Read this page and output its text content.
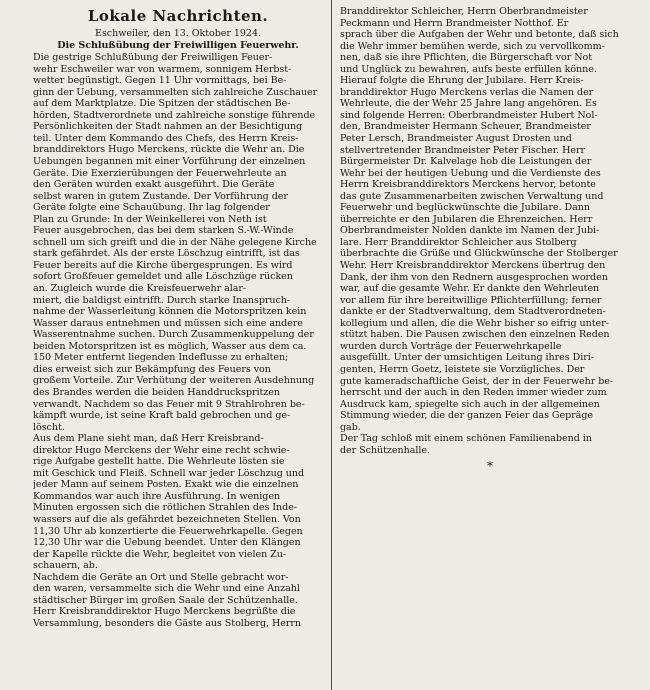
Lokale Nachrichten.
Eschweiler, den 13. Oktober 1924.
Die Schlußübung der Freiwilligen Feuerwehr.
Die gestrige Schlußübung der Freiwilligen Feuer-
wehr Eschweiler war von warmem, sonnigem Herbst-
wetter begünstigt. Gegen 11 Uhr vormittags, bei Be-
ginn der Uebung, versammelten sich zahlreiche Zuschauer
auf dem Marktplatze. Die Spitzen der städtischen Be-
hörden, Stadtverordnete und zahlreiche sonstige führende
Persönlichkeiten der Stadt nahmen an der Besichtigung
teil. Unter dem Kommando des Chefs, des Herrn Kreis-
branddirektors Hugo Merckens, rückte die Wehr an. Die
Uebungen begannen mit einer Vorführung der einzelnen
Geräte. Die Exerzierübungen der Feuerwehrleute an
den Geräten wurden exakt ausgeführt. Die Geräte
selbst waren in gutem Zustande. Der Vorführung der
Geräte folgte eine Schauübung. Ihr lag folgender
Plan zu Grunde: In der Weinkellerei von Neth ist
Feuer ausgebrochen, das bei dem starken S.-W.-Winde
schnell um sich greift und die in der Nähe gelegene Kirche
stark gefährdet. Als der erste Löschzug eintrifft, ist das
Feuer bereits auf die Kirche übergesprungen. Es wird
sofort Großfeuer gemeldet und alle Löschzüge rücken
an. Zugleich wurde die Kreisfeuerwehr alar-
miert, die baldigst eintrifft. Durch starke Inanspruch-
nahme der Wasserleitung können die Motorspritzen kein
Wasser daraus entnehmen und müssen sich eine andere
Wasserentnahme suchen. Durch Zusammenkuppelung der
beiden Motorspritzen ist es möglich, Wasser aus dem ca.
150 Meter entfernt liegenden Indeflusse zu erhalten;
dies erweist sich zur Bekämpfung des Feuers von
großem Vorteile. Zur Verhütung der weiteren Ausdehnung
des Brandes werden die beiden Handdruckspritzen
verwandt. Nachdem so das Feuer mit 9 Strahlrohren be-
kämpft wurde, ist seine Kraft bald gebrochen und ge-
löscht.
Aus dem Plane sieht man, daß Herr Kreisbrand-
direktor Hugo Merckens der Wehr eine recht schwie-
rige Aufgabe gestellt hatte. Die Wehrleute lösten sie
mit Geschick und Fleiß. Schnell war jeder Löschzug und
jeder Mann auf seinem Posten. Exakt wie die einzelnen
Kommandos war auch ihre Ausführung. In wenigen
Minuten ergossen sich die rötlichen Strahlen des Inde-
wassers auf die als gefährdet bezeichneten Stellen. Von
11,30 Uhr ab konzertierte die Feuerwehrkapelle. Gegen
12,30 Uhr war die Uebung beendet. Unter den Klängen
der Kapelle rückte die Wehr, begleitet von vielen Zu-
schauern, ab.
Nachdem die Geräte an Ort und Stelle gebracht wor-
den waren, versammelte sich die Wehr und eine Anzahl
städtischer Bürger im großen Saale der Schützenhalle.
Herr Kreisbranddirektor Hugo Merckens begrüßte die
Versammlung, besonders die Gäste aus Stolberg, Herrn
Branddirektor Schleicher, Herrn Oberbrandmeister
Peckmann und Herrn Brandmeister Notthof. Er
sprach über die Aufgaben der Wehr und betonte, daß sich
die Wehr immer bemühen werde, sich zu vervollkomm-
nen, daß sie ihre Pflichten, die Bürgerschaft vor Not
und Unglück zu bewahren, aufs beste erfüllen könne.
Hierauf folgte die Ehrung der Jubilare. Herr Kreis-
branddirektor Hugo Merckens verlas die Namen der
Wehrleute, die der Wehr 25 Jahre lang angehören. Es
sind folgende Herren: Oberbrandmeister Hubert Nol-
den, Brandmeister Hermann Scheuer, Brandmeister
Peter Lersch, Brandmeister August Drosten und
stellvertretender Brandmeister Peter Fischer. Herr
Bürgermeister Dr. Kalvelage hob die Leistungen der
Wehr bei der heutigen Uebung und die Verdienste des
Herrn Kreisbranddirektors Merckens hervor, betonte
das gute Zusammenarbeiten zwischen Verwaltung und
Feuerwehr und beglückwünschte die Jubilare. Dann
überreichte er den Jubilaren die Ehrenzeichen. Herr
Oberbrandmeister Nolden dankte im Namen der Jubi-
lare. Herr Branddirektor Schleicher aus Stolberg
überbrachte die Grüße und Glückwünsche der Stolberger
Wehr. Herr Kreisbranddirektor Merckens übertrug den
Dank, der ihm von den Rednern ausgesprochen worden
war, auf die gesamte Wehr. Er dankte den Wehrleuten
vor allem für ihre bereitwillige Pflichterfüllung; ferner
dankte er der Stadtverwaltung, dem Stadtverordneten-
kollegium und allen, die die Wehr bisher so eifrig unter-
stützt haben. Die Pausen zwischen den einzelnen Reden
wurden durch Vorträge der Feuerwehrkapelle
ausgefüllt. Unter der umsichtigen Leitung ihres Diri-
genten, Herrn Goetz, leistete sie Vorzügliches. Der
gute kameradschaftliche Geist, der in der Feuerwehr be-
herrscht und der auch in den Reden immer wieder zum
Ausdruck kam, spiegelte sich auch in der allgemeinen
Stimmung wieder, die der ganzen Feier das Gepräge
gab.
Der Tag schloß mit einem schönen Familienabend in
der Schützenhalle.
*
